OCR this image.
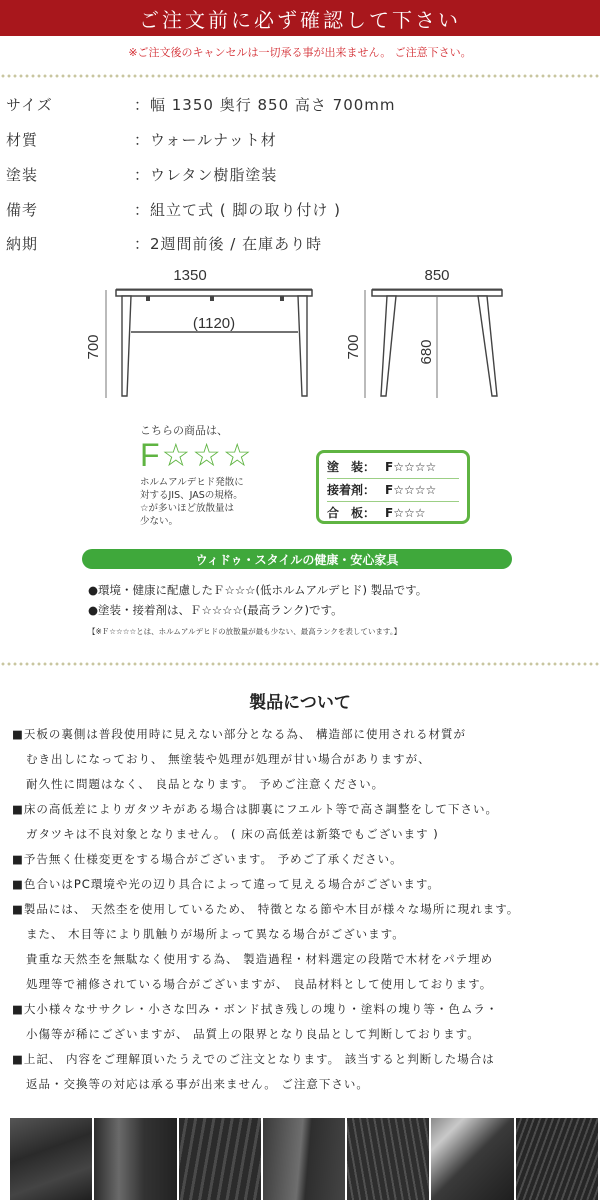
ご注文前に必ず確認して下さい
※ご注文後のキャンセルは一切承る事が出来ません。 ご注意下さい。
サイズ	：幅 1350 奥行 850 高さ 700mm
材質	：ウォールナット材
塗装	：ウレタン樹脂塗装
備考	：組立て式 ( 脚の取り付け )
納期	：2週間前後 / 在庫あり時
1350
(1120)
700
850
680
700
こちらの商品は、
F☆☆☆
ホルムアルデヒド発散に
対するJIS、JASの規格。
☆が多いほど放散量は
少ない。
塗　装： F☆☆☆☆
接着剤： F☆☆☆☆
合　板： F☆☆☆
ウィドゥ・スタイルの健康・安心家具
●環境・健康に配慮したＦ☆☆☆(低ホルムアルデヒド) 製品です。
●塗装・接着剤は、Ｆ☆☆☆☆(最高ランク)です。
【※Ｆ☆☆☆☆とは、ホルムアルデヒドの放散量が最も少ない、最高ランクを表しています。】
製品について
■天板の裏側は普段使用時に見えない部分となる為、 構造部に使用される材質が
むき出しになっており、 無塗装や処理が処理が甘い場合がありますが、
耐久性に問題はなく、 良品となります。 予めご注意ください。
■床の高低差によりガタツキがある場合は脚裏にフエルト等で高さ調整をして下さい。
ガタツキは不良対象となりません。 ( 床の高低差は新築でもございます )
■予告無く仕様変更をする場合がございます。 予めご了承ください。
■色合いはPC環境や光の辺り具合によって違って見える場合がございます。
■製品には、 天然杢を使用しているため、 特徴となる節や木目が様々な場所に現れます。
また、 木目等により肌触りが場所よって異なる場合がございます。
貴重な天然杢を無駄なく使用する為、 製造過程・材料選定の段階で木材をパテ埋め
処理等で補修されている場合がございますが、 良品材料として使用しております。
■大小様々なササクレ・小さな凹み・ボンド拭き残しの塊り・塗料の塊り等・色ムラ・
小傷等が稀にございますが、 品質上の限界となり良品として判断しております。
■上記、 内容をご理解頂いたうえでのご注文となります。 該当すると判断した場合は
返品・交換等の対応は承る事が出来ません。 ご注意下さい。
